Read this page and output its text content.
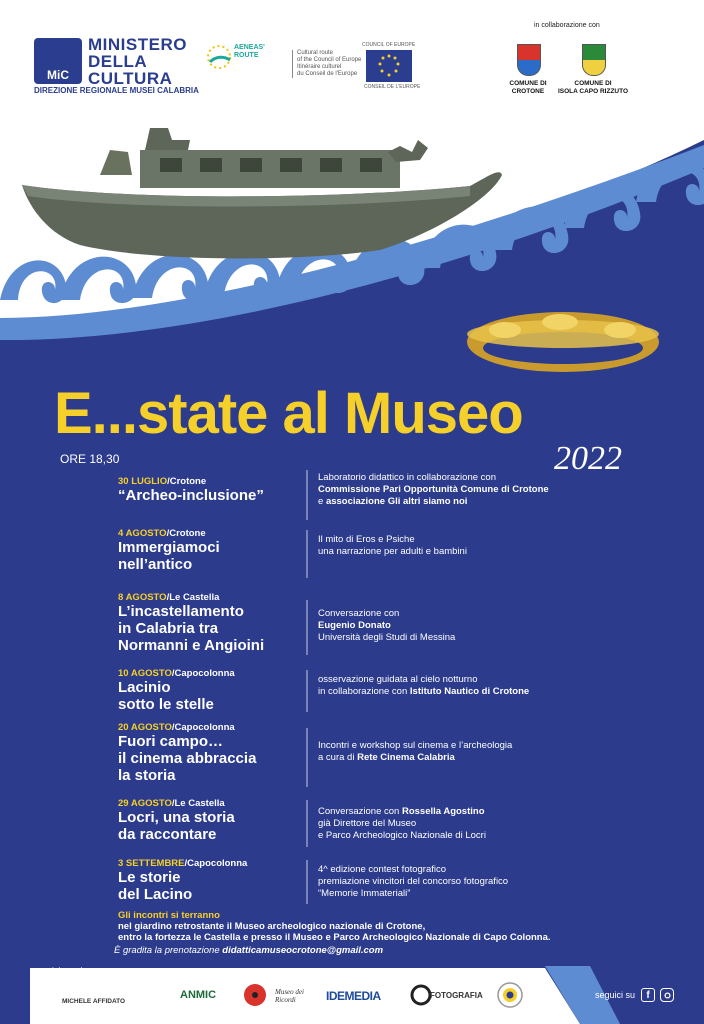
MiC
MINISTERO
DELLA
CULTURA
DIREZIONE REGIONALE MUSEI CALABRIA
AENEAS'
ROUTE	Cultural route
of the Council of Europe
Itinéraire culturel
du Conseil de l'Europe
COUNCIL OF EUROPE
CONSEIL DE L'EUROPE
in collaborazione con
COMUNE DI
CROTONE
COMUNE DI
ISOLA CAPO RIZZUTO
E...state al Museo
2022
ORE 18,30
30 LUGLIO/Crotone
“Archeo-inclusione”
Laboratorio didattico in collaborazione con
Commissione Pari Opportunità Comune di Crotone
e associazione Gli altri siamo noi
4 AGOSTO/Crotone
Immergiamoci
nell’antico
Il mito di Eros e Psiche
una narrazione per adulti e bambini
8 AGOSTO/Le Castella
L’incastellamento
in Calabria tra
Normanni e Angioini
Conversazione con
Eugenio Donato
Università degli Studi di Messina
10 AGOSTO/Capocolonna
Lacinio
sotto le stelle
osservazione guidata al cielo notturno
in collaborazione con Istituto Nautico di Crotone
20 AGOSTO/Capocolonna
Fuori campo…
il cinema abbraccia
la storia
Incontri e workshop sul cinema e l’archeologia
a cura di Rete Cinema Calabria
29 AGOSTO/Le Castella
Locri, una storia
da raccontare
Conversazione con Rossella Agostino
già Direttore del Museo
e Parco Archeologico Nazionale di Locri
3 SETTEMBRE/Capocolonna
Le storie
del Lacino
4^ edizione contest fotografico
premiazione vincitori del concorso fotografico
“Memorie Immateriali”
Gli incontri si terranno
nel giardino retrostante il Museo archeologico nazionale di Crotone,
entro la fortezza le Castella e presso il Museo e Parco Archeologico Nazionale di Capo Colonna.
È gradita la prenotazione didatticamuseocrotone@gmail.com
si ringraziano:
MICHELE AFFIDATO
ANMIC	Museo dei Ricordi	IDEMEDIA	FOTOGRAFIA	seguici su	f
